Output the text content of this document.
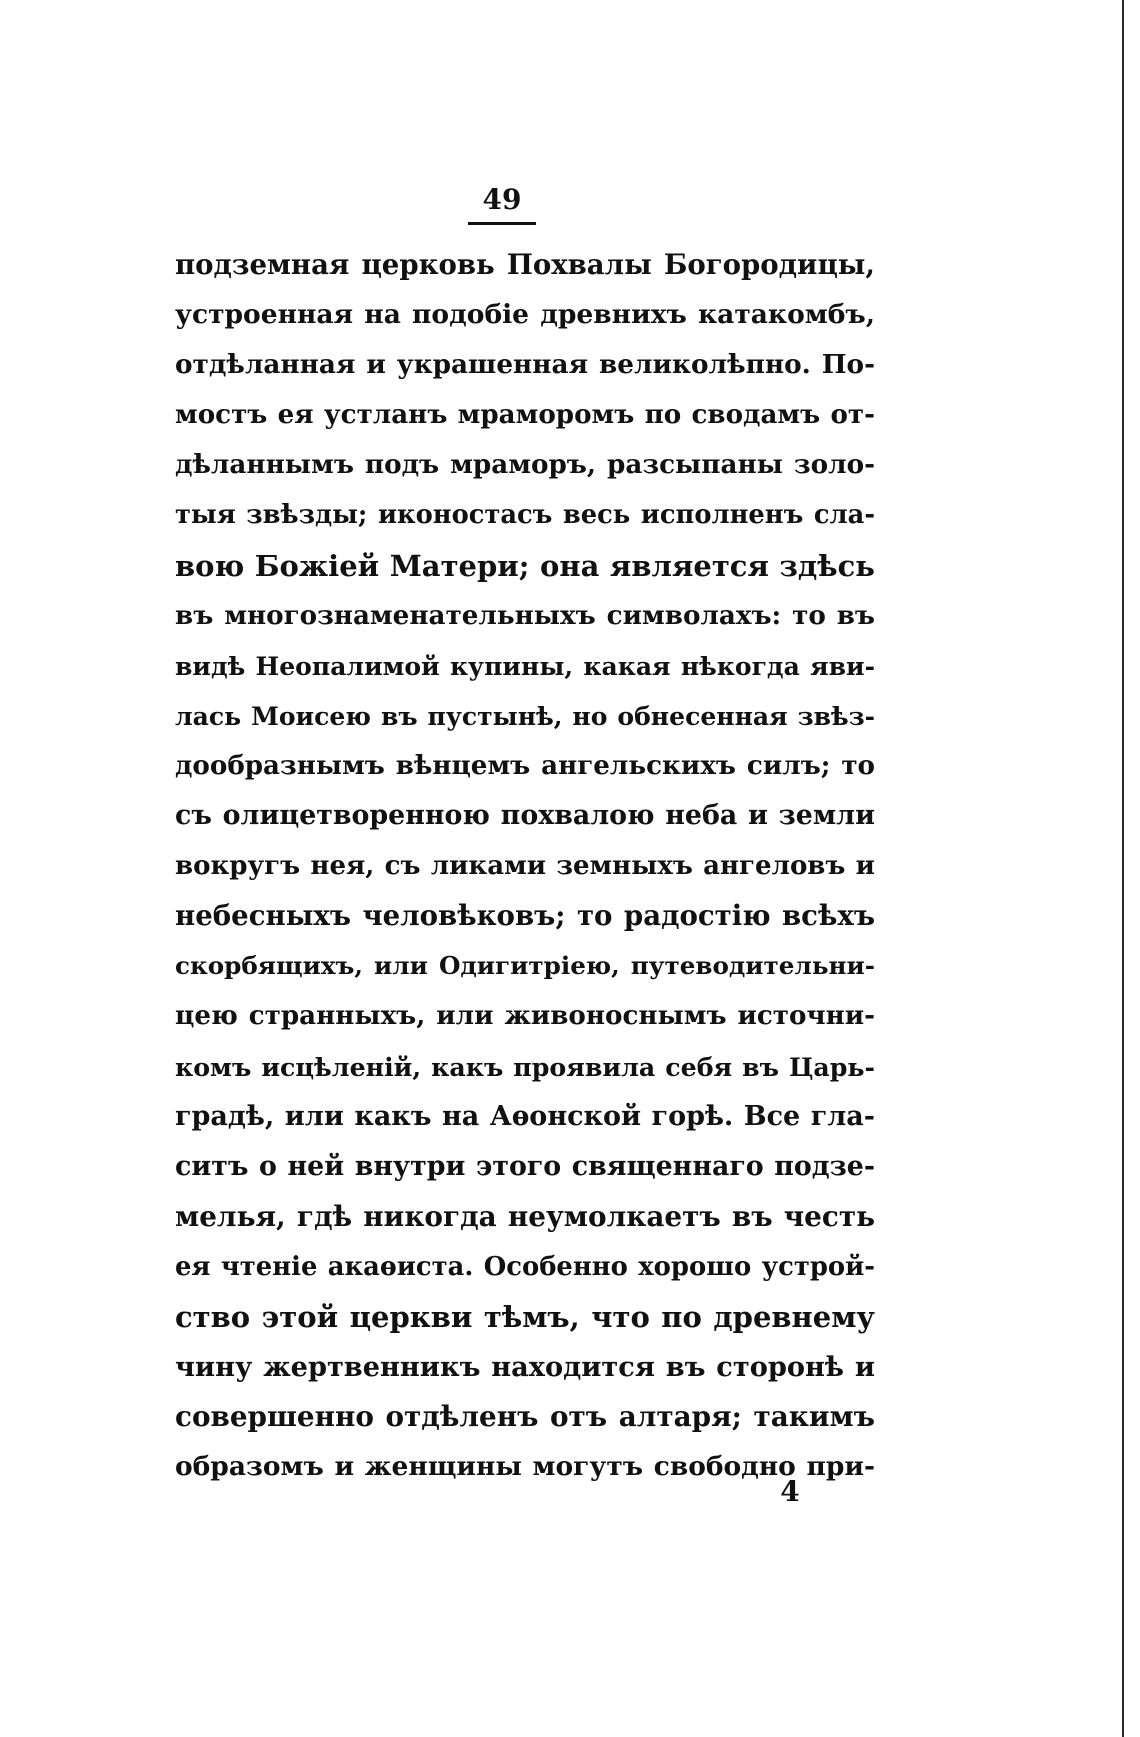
49
подземная церковь Похвалы Богородицы,
устроенная на подобіе древнихъ катакомбъ,
отдѣланная и украшенная великолѣпно. По-
мостъ ея устланъ мраморомъ по сводамъ от-
дѣланнымъ подъ мраморъ, разсыпаны золо-
тыя звѣзды; иконостасъ весь исполненъ сла-
вою Божіей Матери; она является здѣсь
въ многознаменательныхъ символахъ: то въ
видѣ Неопалимой купины, какая нѣкогда яви-
лась Моисею въ пустынѣ, но обнесенная звѣз-
дообразнымъ вѣнцемъ ангельскихъ силъ; то
съ олицетворенною похвалою неба и земли
вокругъ нея, съ ликами земныхъ ангеловъ и
небесныхъ человѣковъ; то радостію всѣхъ
скорбящихъ, или Одигитріею, путеводительни-
цею странныхъ, или живоноснымъ источни-
комъ исцѣленій, какъ проявила себя въ Царь-
градѣ, или какъ на Аѳонской горѣ. Все гла-
ситъ о ней внутри этого священнаго подзе-
мелья, гдѣ никогда неумолкаетъ въ честь
ея чтеніе акаѳиста. Особенно хорошо устрой-
ство этой церкви тѣмъ, что по древнему
чину жертвенникъ находится въ сторонѣ и
совершенно отдѣленъ отъ алтаря; такимъ
образомъ и женщины могутъ свободно при-
4
